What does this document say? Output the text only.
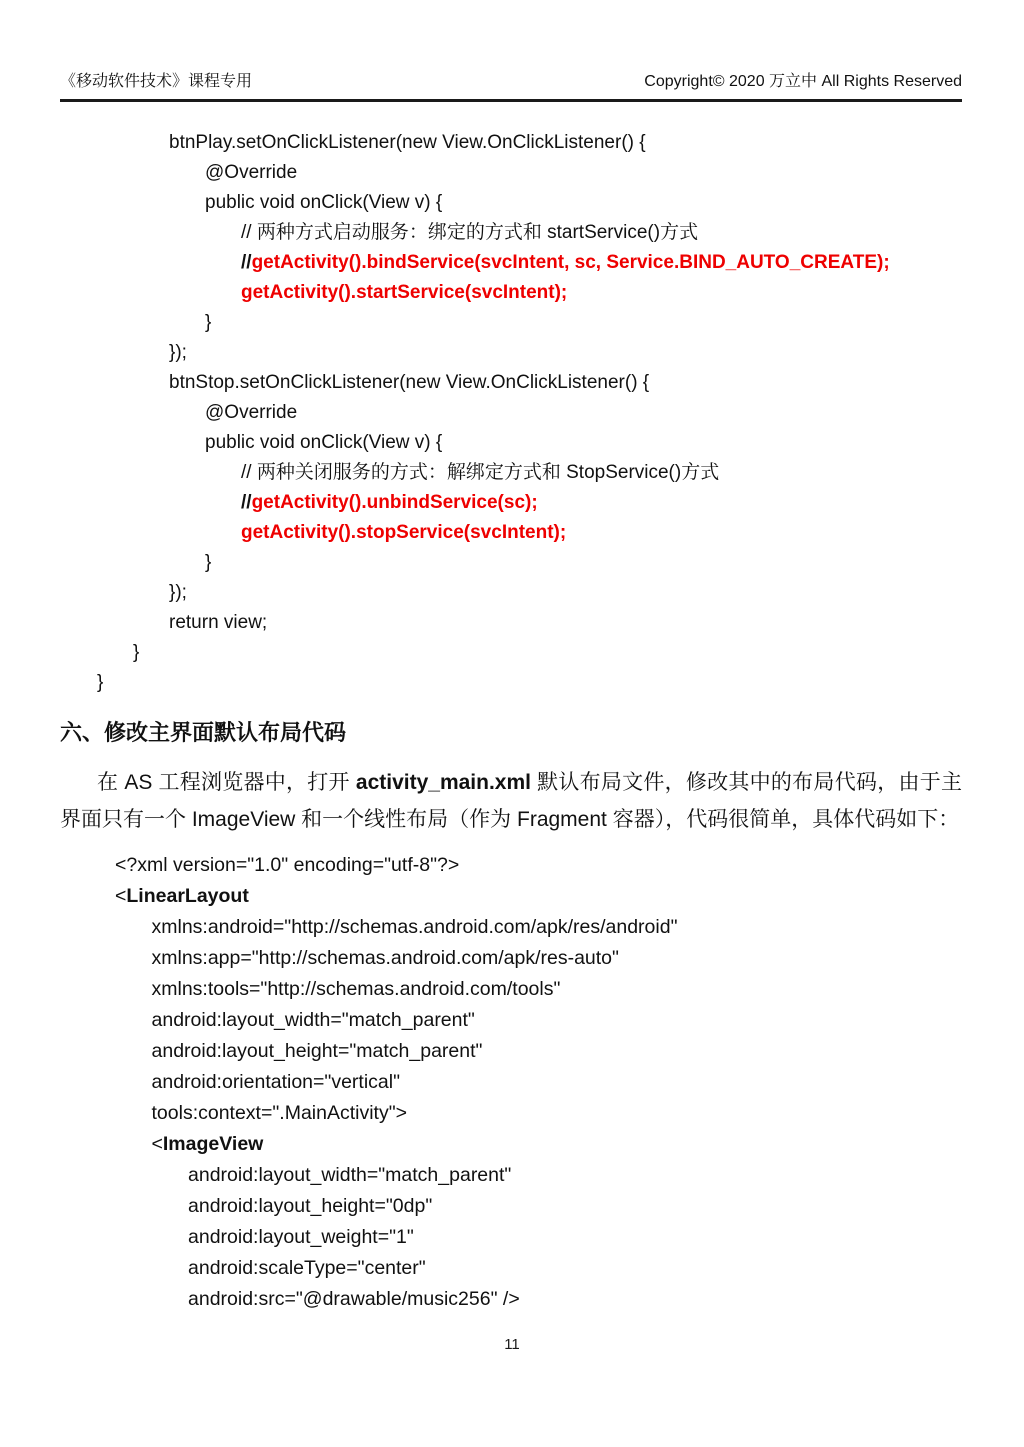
《移动软件技术》课程专用	Copyright© 2020 万立中 All Rights Reserved
btnPlay.setOnClickListener(new View.OnClickListener() {
@Override
public void onClick(View v) {
// 两种方式启动服务：绑定的方式和 startService()方式
//getActivity().bindService(svcIntent, sc, Service.BIND_AUTO_CREATE);
getActivity().startService(svcIntent);
}
});
btnStop.setOnClickListener(new View.OnClickListener() {
@Override
public void onClick(View v) {
// 两种关闭服务的方式：解绑定方式和 StopService()方式
//getActivity().unbindService(sc);
getActivity().stopService(svcIntent);
}
});
return view;
}
}
六、修改主界面默认布局代码

在 AS 工程浏览器中，打开 activity_main.xml 默认布局文件，修改其中的布局代码，由于主界面只有一个 ImageView 和一个线性布局（作为 Fragment 容器），代码很简单，具体代码如下：

<?xml version="1.0" encoding="utf-8"?>
<LinearLayout
xmlns:android="http://schemas.android.com/apk/res/android"
xmlns:app="http://schemas.android.com/apk/res-auto"
xmlns:tools="http://schemas.android.com/tools"
android:layout_width="match_parent"
android:layout_height="match_parent"
android:orientation="vertical"
tools:context=".MainActivity">
<ImageView
android:layout_width="match_parent"
android:layout_height="0dp"
android:layout_weight="1"
android:scaleType="center"
android:src="@drawable/music256" />
11
